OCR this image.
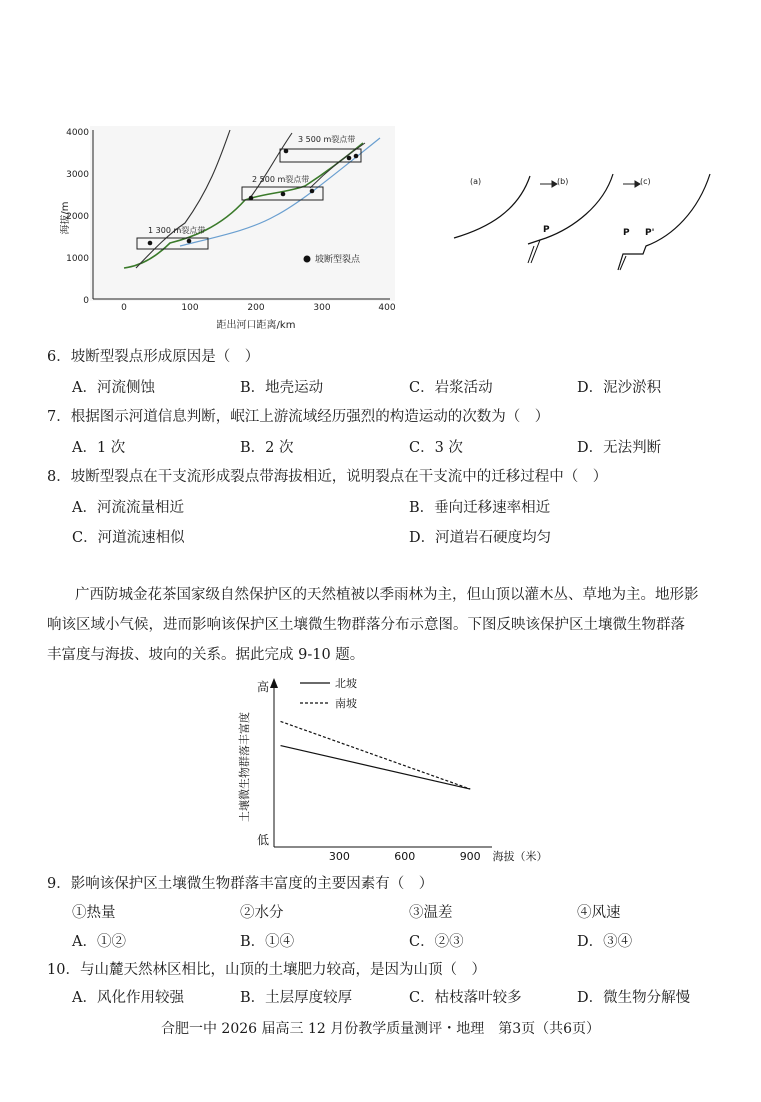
4000
3000
2000
1000
0
海拔/m
0	100	200	300	400
距出河口距离/km
1 300 m裂点带
2 500 m裂点带
3 500 m裂点带
坡断型裂点
(a)	(b)	(c)
P	P P'
6．坡断型裂点形成原因是（　）
A．河流侧蚀	B．地壳运动	C．岩浆活动	D．泥沙淤积
7．根据图示河道信息判断，岷江上游流域经历强烈的构造运动的次数为（　）
A．1 次	B．2 次	C．3 次	D．无法判断
8．坡断型裂点在干支流形成裂点带海拔相近，说明裂点在干支流中的迁移过程中（　）
A．河流流量相近	B．垂向迁移速率相近
C．河道流速相似	D．河道岩石硬度均匀
广西防城金花茶国家级自然保护区的天然植被以季雨林为主，但山顶以灌木丛、草地为主。地形影
响该区域小气候，进而影响该保护区土壤微生物群落分布示意图。下图反映该保护区土壤微生物群落
丰富度与海拔、坡向的关系。据此完成 9-10 题。
高
低
土壤微生物群落丰富度
海拔（米）
300	600	900
北坡
南坡
9．影响该保护区土壤微生物群落丰富度的主要因素有（　）
①热量	②水分	③温差	④风速
A．①②	B．①④	C．②③	D．③④
10．与山麓天然林区相比，山顶的土壤肥力较高，是因为山顶（　）
A．风化作用较强	B．土层厚度较厚	C．枯枝落叶较多	D．微生物分解慢
合肥一中 2026 届高三 12 月份教学质量测评・地理　第3页（共6页）
